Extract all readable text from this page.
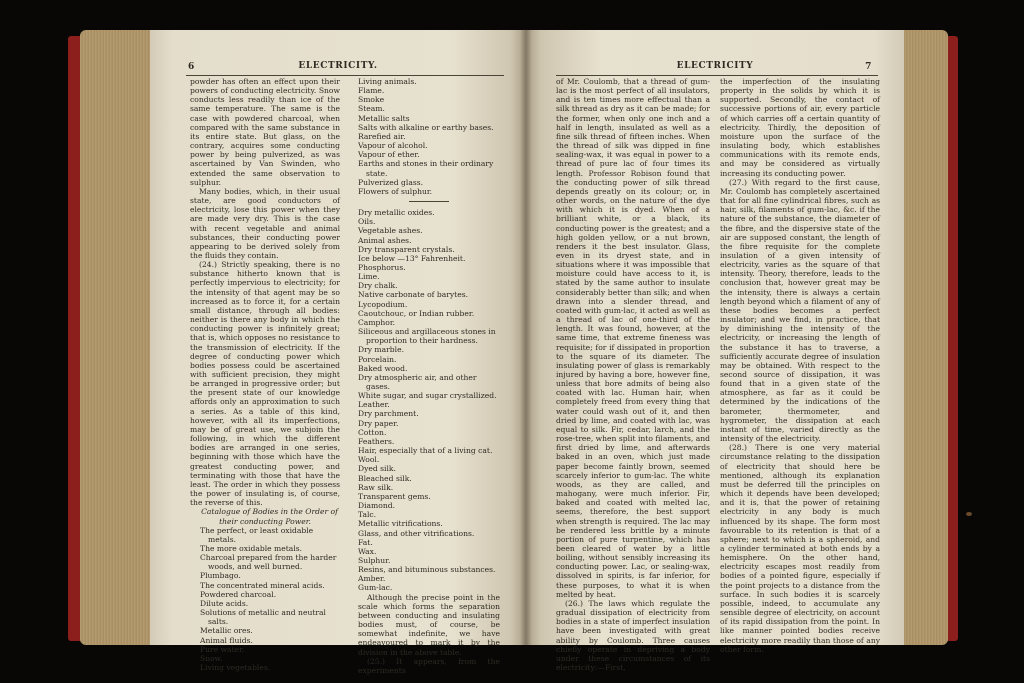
6	ELECTRICITY.

powder has often an effect upon their powers of conducting electricity. Snow conducts less readily than ice of the same temperature. The same is the case with powdered charcoal, when compared with the same substance in its entire state. But glass, on the contrary, acquires some conducting power by being pulverized, as was ascertained by Van Swinden, who extended the same observation to sulphur.

Many bodies, which, in their usual state, are good conductors of electricity, lose this power when they are made very dry. This is the case with recent vegetable and animal substances, their conducting power appearing to be derived solely from the fluids they contain.

(24.) Strictly speaking, there is no substance hitherto known that is perfectly impervious to electricity; for the intensity of that agent may be so increased as to force it, for a certain small distance, through all bodies: neither is there any body in which the conducting power is infinitely great; that is, which opposes no resistance to the transmission of electricity. If the degree of conducting power which bodies possess could be ascertained with sufficient precision, they might be arranged in progressive order; but the present state of our knowledge affords only an approximation to such a series. As a table of this kind, however, with all its imperfections, may be of great use, we subjoin the following, in which the different bodies are arranged in one series, beginning with those which have the greatest conducting power, and terminating with those that have the least. The order in which they possess the power of insulating is, of course, the reverse of this.

Catalogue of Bodies in the Order of their conducting Power.

The perfect, or least oxidable metals.
The more oxidable metals.
Charcoal prepared from the harder woods, and well burned.
Plumbago.
The concentrated mineral acids.
Powdered charcoal.
Dilute acids.
Solutions of metallic and neutral salts.
Metallic ores.
Animal fluids.
Pure water.
Snow.
Living vegetables.
Living animals.
Flame.
Smoke
Steam.
Metallic salts
Salts with alkaline or earthy bases.
Rarefied air.
Vapour of alcohol.
Vapour of ether.
Earths and stones in their ordinary state.
Pulverized glass.
Flowers of sulphur.
Dry metallic oxides.
Oils.
Vegetable ashes.
Animal ashes.
Dry transparent crystals.
Ice below —13° Fahrenheit.
Phosphorus.
Lime.
Dry chalk.
Native carbonate of barytes.
Lycopodium.
Caoutchouc, or Indian rubber.
Camphor.
Siliceous and argillaceous stones in proportion to their hardness.
Dry marble.
Porcelain.
Baked wood.
Dry atmospheric air, and other gases.
White sugar, and sugar crystallized.
Leather.
Dry parchment.
Dry paper.
Cotton.
Feathers.
Hair, especially that of a living cat.
Wool.
Dyed silk.
Bleached silk.
Raw silk.
Transparent gems.
Diamond.
Talc.
Metallic vitrifications.
Glass, and other vitrifications.
Fat.
Wax.
Sulphur.
Resins, and bituminous substances.
Amber.
Gum-lac.

Although the precise point in the scale which forms the separation between conducting and insulating bodies must, of course, be somewhat indefinite, we have endeavoured to mark it by the division in the above table.

(25.) It appears, from the experiments

ELECTRICITY	7

of Mr. Coulomb, that a thread of gum-lac is the most perfect of all insulators, and is ten times more effectual than a silk thread as dry as it can be made; for the former, when only one inch and a half in length, insulated as well as a fine silk thread of fifteen inches. When the thread of silk was dipped in fine sealing-wax, it was equal in power to a thread of pure lac of four times its length. Professor Robison found that the conducting power of silk thread depends greatly on its colour; or, in other words, on the nature of the dye with which it is dyed. When of a brilliant white, or a black, its conducting power is the greatest; and a high golden yellow, or a nut brown, renders it the best insulator. Glass, even in its dryest state, and in situations where it was impossible that moisture could have access to it, is stated by the same author to insulate considerably better than silk; and when drawn into a slender thread, and coated with gum-lac, it acted as well as a thread of lac of one-third of the length. It was found, however, at the same time, that extreme fineness was requisite; for if dissipated in proportion to the square of its diameter. The insulating power of glass is remarkably injured by having a bore, however fine, unless that bore admits of being also coated with lac. Human hair, when completely freed from every thing that water could wash out of it, and then dried by lime, and coated with lac, was equal to silk. Fir, cedar, larch, and the rose-tree, when split into filaments, and first dried by lime, and afterwards baked in an oven, which just made paper become faintly brown, seemed scarcely inferior to gum-lac. The white woods, as they are called, and mahogany, were much inferior. Fir, baked and coated with melted lac, seems, therefore, the best support when strength is required. The lac may be rendered less brittle by a minute portion of pure turpentine, which has been cleared of water by a little boiling, without sensibly increasing its conducting power. Lac, or sealing-wax, dissolved in spirits, is far inferior, for these purposes, to what it is when melted by heat.

(26.) The laws which regulate the gradual dissipation of electricity from bodies in a state of imperfect insulation have been investigated with great ability by Coulomb. Three causes chiefly operate in depriving a body under these circumstances of its electricity:—First,

the imperfection of the insulating property in the solids by which it is supported. Secondly, the contact of successive portions of air, every particle of which carries off a certain quantity of electricity. Thirdly, the deposition of moisture upon the surface of the insulating body, which establishes communications with its remote ends, and may be considered as virtually increasing its conducting power.

(27.) With regard to the first cause, Mr. Coulomb has completely ascertained that for all fine cylindrical fibres, such as hair, silk, filaments of gum-lac, &c. if the nature of the substance, the diameter of the fibre, and the dispersive state of the air are supposed constant, the length of the fibre requisite for the complete insulation of a given intensity of electricity, varies as the square of that intensity. Theory, therefore, leads to the conclusion that, however great may be the intensity, there is always a certain length beyond which a filament of any of these bodies becomes a perfect insulator; and we find, in practice, that by diminishing the intensity of the electricity, or increasing the length of the substance it has to traverse, a sufficiently accurate degree of insulation may be obtained. With respect to the second source of dissipation, it was found that in a given state of the atmosphere, as far as it could be determined by the indications of the barometer, thermometer, and hygrometer, the dissipation at each instant of time, varied directly as the intensity of the electricity.

(28.) There is one very material circumstance relating to the dissipation of electricity that should here be mentioned, although its explanation must be deferred till the principles on which it depends have been developed; and it is, that the power of retaining electricity in any body is much influenced by its shape. The form most favourable to its retention is that of a sphere; next to which is a spheroid, and a cylinder terminated at both ends by a hemisphere. On the other hand, electricity escapes most readily from bodies of a pointed figure, especially if the point projects to a distance from the surface. In such bodies it is scarcely possible, indeed, to accumulate any sensible degree of electricity, on account of its rapid dissipation from the point. In like manner pointed bodies receive electricity more readily than those of any other form.
